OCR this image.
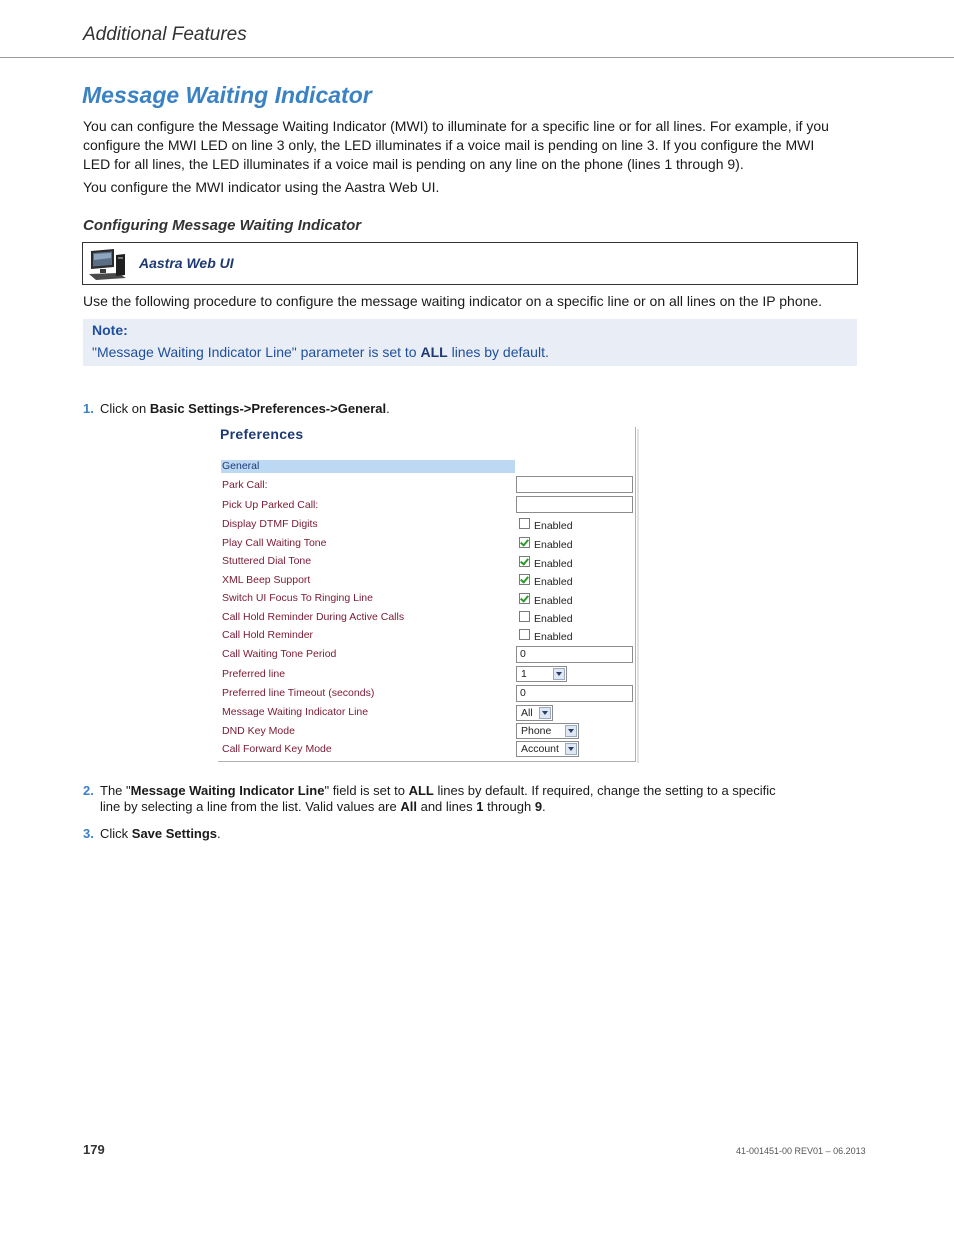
Additional Features
Message Waiting Indicator
You can configure the Message Waiting Indicator (MWI) to illuminate for a specific line or for all lines. For example, if you
configure the MWI LED on line 3 only, the LED illuminates if a voice mail is pending on line 3. If you configure the MWI
LED for all lines, the LED illuminates if a voice mail is pending on any line on the phone (lines 1 through 9).
You configure the MWI indicator using the Aastra Web UI.
Configuring Message Waiting Indicator
Aastra Web UI
Use the following procedure to configure the message waiting indicator on a specific line or on all lines on the IP phone.
Note:
"Message Waiting Indicator Line" parameter is set to ALL lines by default.
1. Click on Basic Settings->Preferences->General.
Preferences
General
Park Call:
Pick Up Parked Call:
Display DTMF Digits	Enabled
Play Call Waiting Tone	Enabled
Stuttered Dial Tone	Enabled
XML Beep Support	Enabled
Switch UI Focus To Ringing Line	Enabled
Call Hold Reminder During Active Calls	Enabled
Call Hold Reminder	Enabled
Call Waiting Tone Period	0
Preferred line	1
Preferred line Timeout (seconds)	0
Message Waiting Indicator Line	All
DND Key Mode	Phone
Call Forward Key Mode	Account
2. The "Message Waiting Indicator Line" field is set to ALL lines by default. If required, change the setting to a specific
line by selecting a line from the list. Valid values are All and lines 1 through 9.
3. Click Save Settings.
179	41-001451-00 REV01 – 06.2013
